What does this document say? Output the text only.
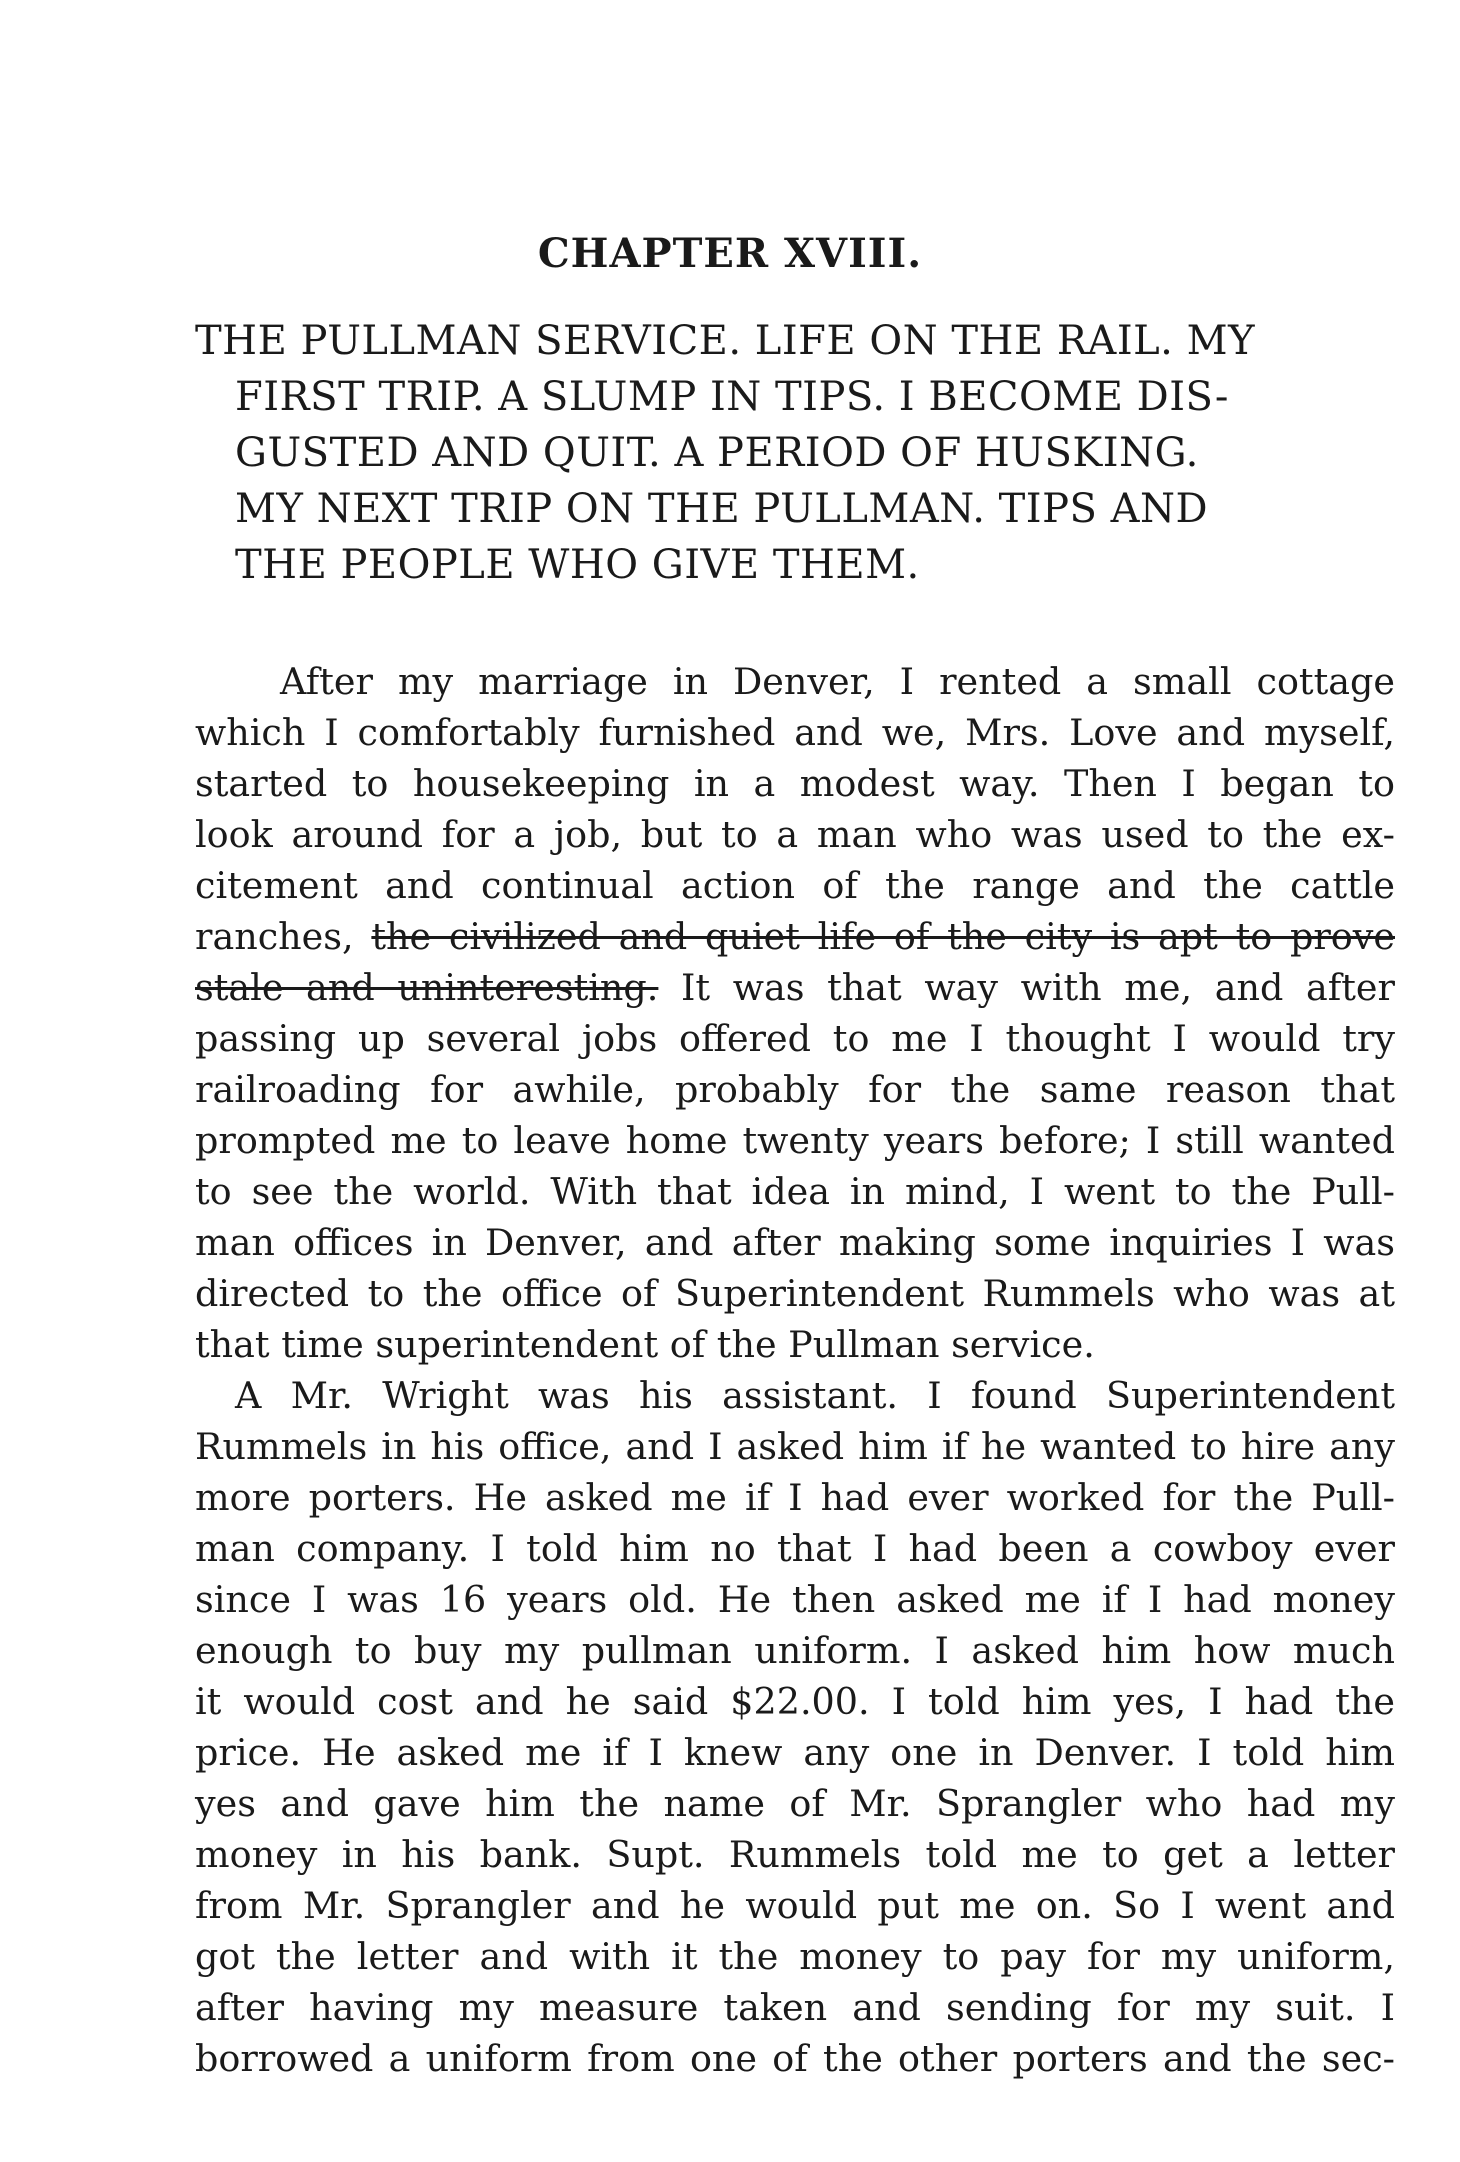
CHAPTER XVIII.
THE PULLMAN SERVICE. LIFE ON THE RAIL. MY
FIRST TRIP. A SLUMP IN TIPS. I BECOME DIS-
GUSTED AND QUIT. A PERIOD OF HUSKING.
MY NEXT TRIP ON THE PULLMAN. TIPS AND
THE PEOPLE WHO GIVE THEM.
After my marriage in Denver, I rented a small cottage
which I comfortably furnished and we, Mrs. Love and myself,
started to housekeeping in a modest way. Then I began to
look around for a job, but to a man who was used to the ex-
citement and continual action of the range and the cattle
ranches, the civilized and quiet life of the city is apt to prove
stale and uninteresting. It was that way with me, and after
passing up several jobs offered to me I thought I would try
railroading for awhile, probably for the same reason that
prompted me to leave home twenty years before; I still wanted
to see the world. With that idea in mind, I went to the Pull-
man offices in Denver, and after making some inquiries I was
directed to the office of Superintendent Rummels who was at
that time superintendent of the Pullman service.
A Mr. Wright was his assistant. I found Superintendent
Rummels in his office, and I asked him if he wanted to hire any
more porters. He asked me if I had ever worked for the Pull-
man company. I told him no that I had been a cowboy ever
since I was 16 years old. He then asked me if I had money
enough to buy my pullman uniform. I asked him how much
it would cost and he said $22.00. I told him yes, I had the
price. He asked me if I knew any one in Denver. I told him
yes and gave him the name of Mr. Sprangler who had my
money in his bank. Supt. Rummels told me to get a letter
from Mr. Sprangler and he would put me on. So I went and
got the letter and with it the money to pay for my uniform,
after having my measure taken and sending for my suit. I
borrowed a uniform from one of the other porters and the sec-
